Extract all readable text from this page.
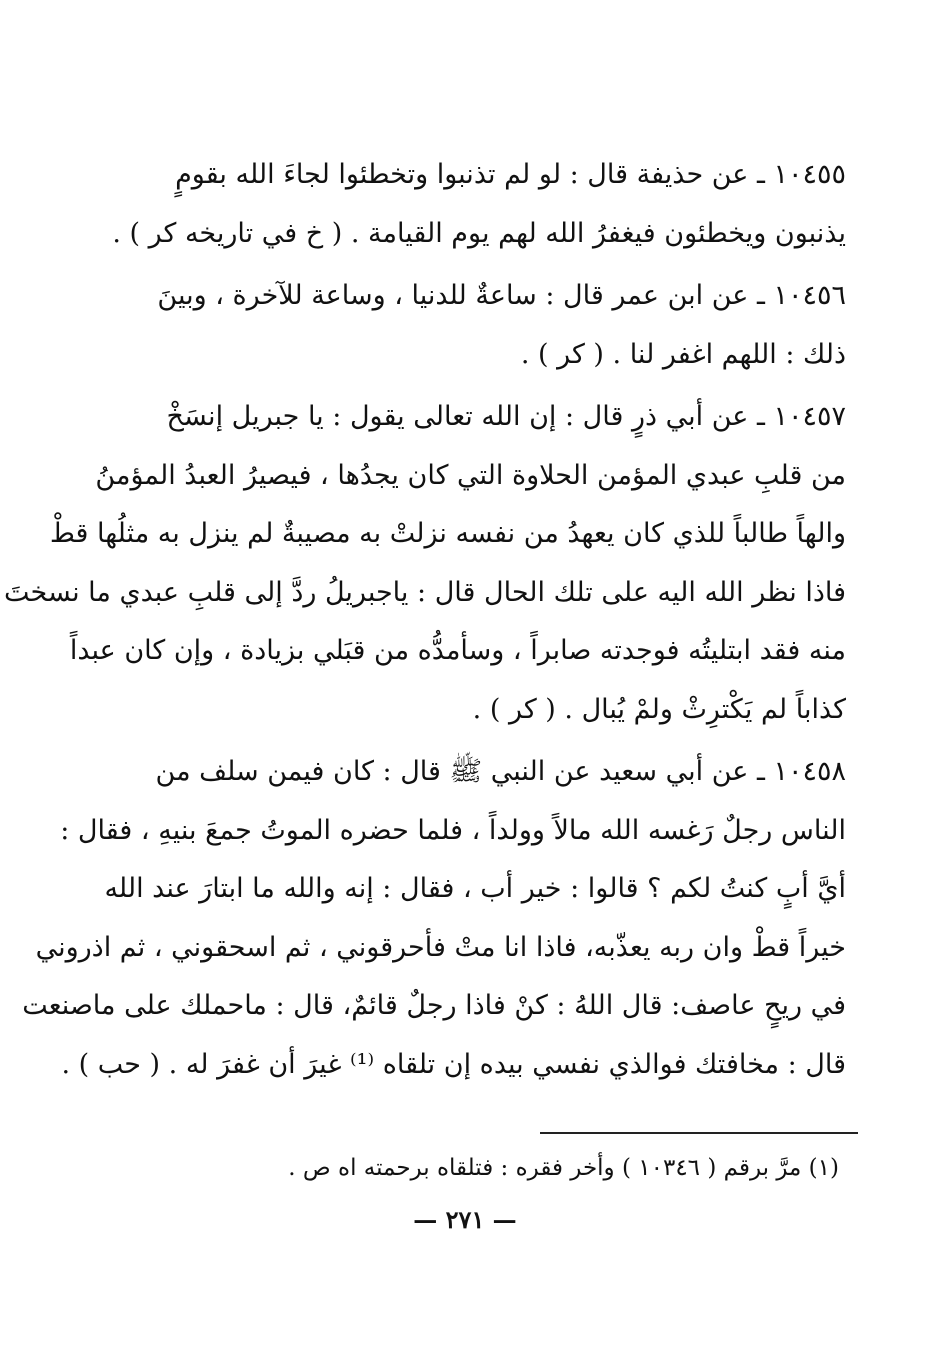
١٠٤٥٥ ـ عن حذيفة قال : لو لم تذنبوا وتخطئوا لجاءَ الله بقومٍ
يذنبون ويخطئون فيغفرُ الله لهم يوم القيامة . ( خ في تاريخه كر ) .
١٠٤٥٦ ـ عن ابن عمر قال : ساعةٌ للدنيا ، وساعة للآخرة ، وبينَ
ذلك : اللهم اغفر لنا . ( كر ) .
١٠٤٥٧ ـ عن أبي ذرٍ قال : إن الله تعالى يقول : يا جبريل إنسَخْ
من قلبِ عبدي المؤمن الحلاوة التي كان يجدُها ، فيصيرُ العبدُ المؤمنُ
والهاً طالباً للذي كان يعهدُ من نفسه نزلتْ به مصيبةٌ لم ينزل به مثلُها قطْ
فاذا نظر الله اليه على تلك الحال قال : ياجبريلُ ردَّ إلى قلبِ عبدي ما نسختَ
منه فقد ابتليتُه فوجدته صابراً ، وسأمدُّه من قبَلي بزيادة ، وإن كان عبداً
كذاباً لم يَكْترِثْ ولمْ يُبال . ( كر ) .
١٠٤٥٨ ـ عن أبي سعيد عن النبي ﷺ قال : كان فيمن سلف من
الناس رجلٌ رَغسه الله مالاً وولداً ، فلما حضره الموتُ جمعَ بنيهِ ، فقال :
أيَّ أبٍ كنتُ لكم ؟ قالوا : خير أب ، فقال : إنه والله ما ابتارَ عند الله
خيراً قطْ وان ربه يعذّبه، فاذا انا متْ فأحرقوني ، ثم اسحقوني ، ثم اذروني
في ريحٍ عاصف: قال اللهُ : كنْ فاذا رجلٌ قائمٌ، قال : ماحملك على ماصنعت
قال : مخافتك فوالذي نفسي بيده إن تلقاه ⁽¹⁾ غيرَ أن غفرَ له . ( حب ) .
(١) مرَّ برقم ( ١٠٣٤٦ ) وأخر فقره : فتلقاه برحمته اه ص .
— ٢٧١ —
